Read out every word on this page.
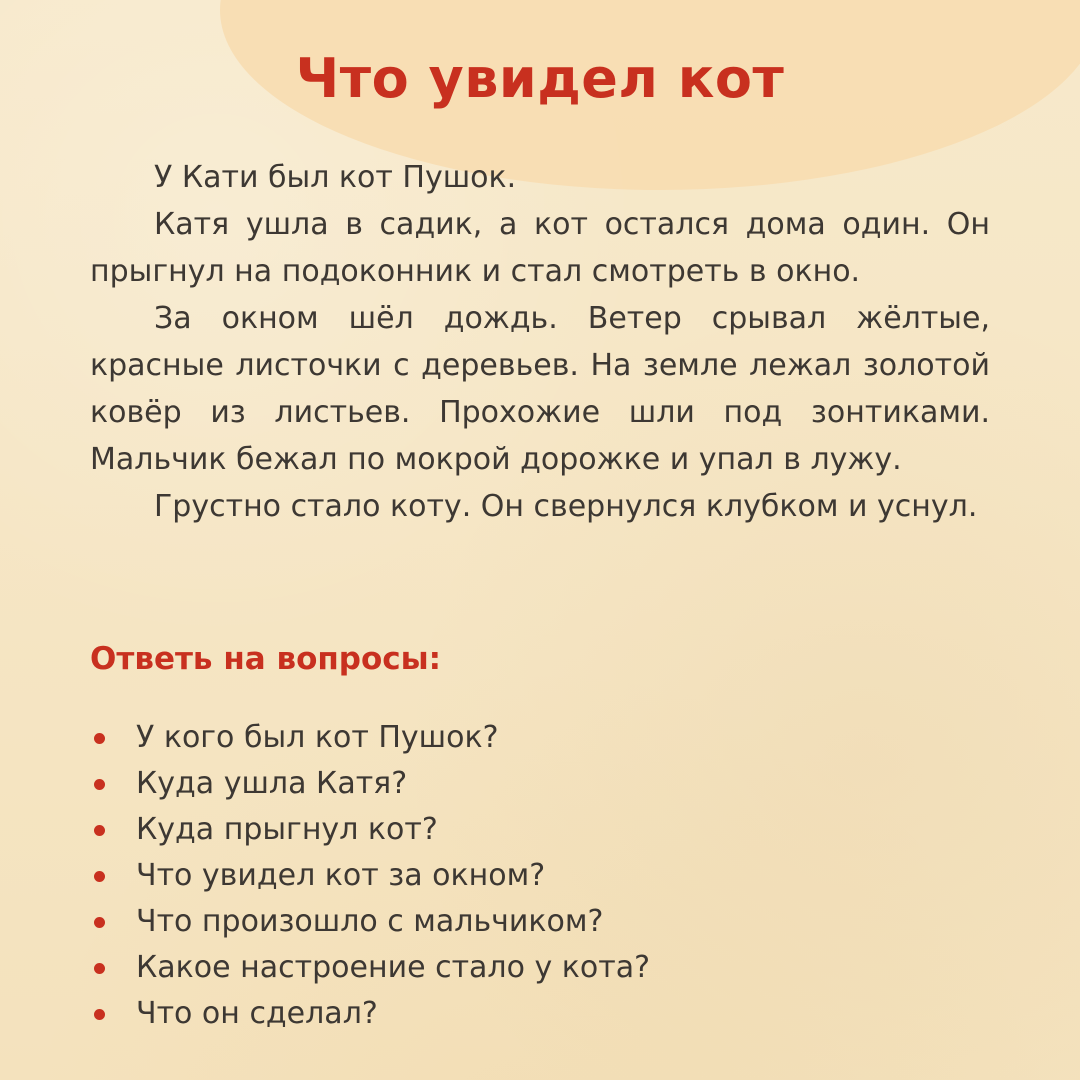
Что увидел кот

У Кати был кот Пушок.

Катя ушла в садик, а кот остался дома один. Он прыгнул на подоконник и стал смотреть в окно.

За окном шёл дождь. Ветер срывал жёлтые, красные листочки с деревьев. На земле лежал золотой ковёр из листьев. Прохожие шли под зонтиками. Мальчик бежал по мокрой дорожке и упал в лужу.

Грустно стало коту. Он свернулся клубком и уснул.

Ответь на вопросы:
У кого был кот Пушок?
Куда ушла Катя?
Куда прыгнул кот?
Что увидел кот за окном?
Что произошло с мальчиком?
Какое настроение стало у кота?
Что он сделал?
